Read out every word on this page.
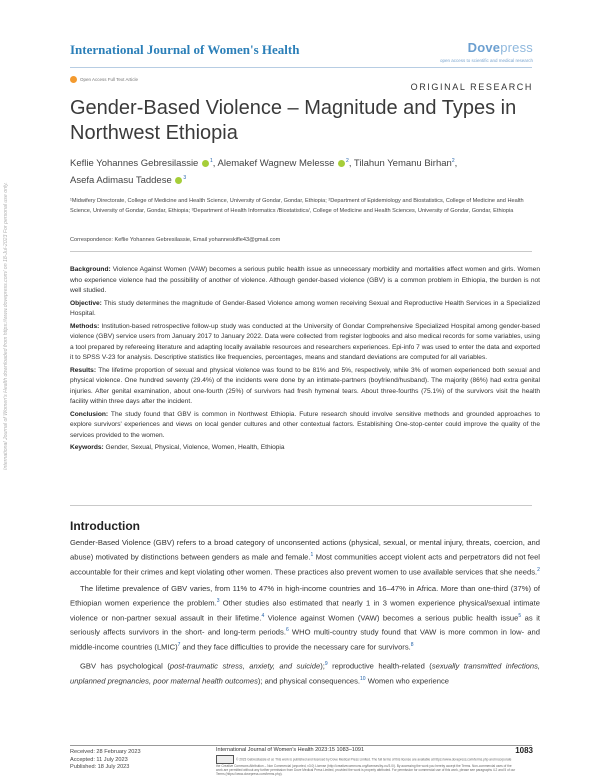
International Journal of Women's Health	Dovepress
open access to scientific and medical research
Open Access Full Text Article
ORIGINAL RESEARCH
Gender-Based Violence – Magnitude and Types in Northwest Ethiopia
Keflie Yohannes Gebresilassie $^1$, Alemakef Wagnew Melesse $^2$, Tilahun Yemanu Birhan$^2$,
Asefa Adimasu Taddese $^3$
¹Midwifery Directorate, College of Medicine and Health Science, University of Gondar, Gondar, Ethiopia; ²Department of Epidemiology and Biostatistics, College of Medicine and Health Science, University of Gondar, Gondar, Ethiopia; ³Department of Health Informatics /Biostatistics/, College of Medicine and Health Sciences, University of Gondar, Gondar, Ethiopia
Correspondence: Keflie Yohannes Gebresilassie, Email yohanneskifle43@gmail.com
International Journal of Women's Health downloaded from https://www.dovepress.com/ on 18-Jul-2023 For personal use only.	Background: Violence Against Women (VAW) becomes a serious public health issue as unnecessary morbidity and mortalities affect women and girls. Women who experience violence had the possibility of another of violence. Although gender-based violence (GBV) is a common problem in Ethiopia, the burden is not well studied.

Objective: This study determines the magnitude of Gender-Based Violence among women receiving Sexual and Reproductive Health Services in a Specialized Hospital.

Methods: Institution-based retrospective follow-up study was conducted at the University of Gondar Comprehensive Specialized Hospital among gender-based violence (GBV) service users from January 2017 to January 2022. Data were collected from register logbooks and also medical records for some variables, using a tool prepared by refereeing literature and adapting locally available resources and researchers experiences. Epi-info 7 was used to enter the data and exported it to SPSS V-23 for analysis. Descriptive statistics like frequencies, percentages, means and standard deviations are computed for all variables.

Results: The lifetime proportion of sexual and physical violence was found to be 81% and 5%, respectively, while 3% of women experienced both sexual and physical violence. One hundred seventy (29.4%) of the incidents were done by an intimate-partners (boyfriend/husband). The majority (86%) had extra genital injuries. After genital examination, about one-fourth (25%) of survivors had fresh hymenal tears. About three-fourths (75.1%) of the survivors visit the health facility within three days after the incident.

Conclusion: The study found that GBV is common in Northwest Ethiopia. Future research should involve sensitive methods and grounded approaches to explore survivors' experiences and views on local gender cultures and other contextual factors. Establishing One-stop-center could improve the quality of the services provided to the women.

Keywords: Gender, Sexual, Physical, Violence, Women, Health, Ethiopia

Introduction

Gender-Based Violence (GBV) refers to a broad category of unconsented actions (physical, sexual, or mental injury, threats, coercion, and abuse) motivated by distinctions between genders as male and female.$^1$ Most communities accept violent acts and perpetrators did not feel accountable for their crimes and kept violating other women. These practices also prevent women to use available services that she needs.$^2$

The lifetime prevalence of GBV varies, from 11% to 47% in high-income countries and 16–47% in Africa. More than one-third (37%) of Ethiopian women experience the problem.$^3$ Other studies also estimated that nearly 1 in 3 women experience physical/sexual intimate violence or non-partner sexual assault in their lifetime.$^4$ Violence against Women (VAW) becomes a serious public health issue$^5$ as it seriously affects survivors in the short- and long-term periods.$^6$ WHO multi-country study found that VAW is more common in low- and middle-income countries (LMIC)$^7$ and they face difficulties to provide the necessary care for survivors.$^8$

GBV has psychological (post-traumatic stress, anxiety, and suicide);$^9$ reproductive health-related (sexually transmitted infections, unplanned pregnancies, poor maternal health outcomes); and physical consequences.$^{10}$ Women who experience

Received: 28 February 2023
Accepted: 11 July 2023
Published: 18 July 2023
International Journal of Women's Health 2023:15 1083–1091
© 2023 Gebresilassie et al. This work is published and licensed by Dove Medical Press Limited. The full terms of this license are available at https://www.dovepress.com/terms.php and incorporate the Creative Commons Attribution – Non Commercial (unported, v3.0) License (http://creativecommons.org/licenses/by-nc/3.0/). By accessing the work you hereby accept the Terms. Non-commercial uses of the work are permitted without any further permission from Dove Medical Press Limited, provided the work is properly attributed. For permission for commercial use of this work, please see paragraphs 4.2 and 5 of our Terms (https://www.dovepress.com/terms.php).
1083
